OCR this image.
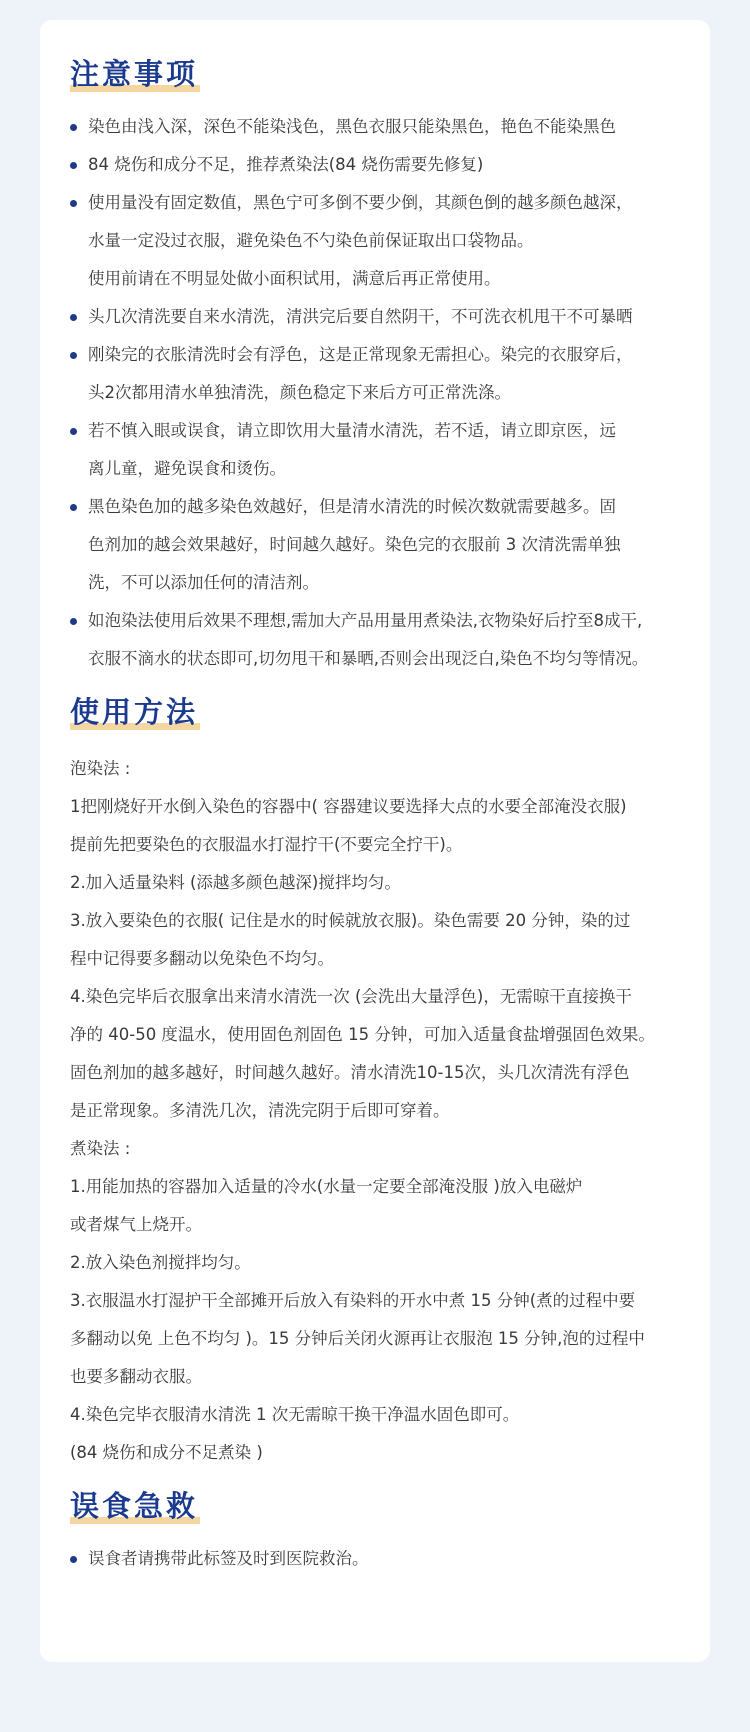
注意事项
染色由浅入深，深色不能染浅色，黑色衣服只能染黑色，艳色不能染黑色
84 烧伤和成分不足，推荐煮染法(84 烧伤需要先修复)
使用量没有固定数值，黑色宁可多倒不要少倒，其颜色倒的越多颜色越深，
水量一定没过衣服，避免染色不勺染色前保证取出口袋物品。
使用前请在不明显处做小面积试用，满意后再正常使用。
头几次清洗要自来水清洗，清洪完后要自然阴干，不可洗衣机甩干不可暴晒
刚染完的衣胀清洗时会有浮色，这是正常现象无需担心。染完的衣服穿后，
头2次都用清水单独清洗，颜色稳定下来后方可正常洗涤。
若不慎入眼或误食，请立即饮用大量清水清洗，若不适，请立即京医，远
离儿童，避免误食和烫伤。
黑色染色加的越多染色效越好，但是清水清洗的时候次数就需要越多。固
色剂加的越会效果越好，时间越久越好。染色完的衣服前 3 次清洗需单独
洗，不可以添加任何的清洁剂。
如泡染法使用后效果不理想,需加大产品用量用煮染法,衣物染好后拧至8成干,
衣服不滴水的状态即可,切勿甩干和暴晒,否则会出现泛白,染色不均匀等情况。
使用方法

泡染法 :

1把刚烧好开水倒入染色的容器中( 容器建议要选择大点的水要全部淹没衣服)

提前先把要染色的衣服温水打湿拧干(不要完全拧干)。

2.加入适量染料 (添越多颜色越深)搅拌均匀。

3.放入要染色的衣服( 记住是水的时候就放衣服)。染色需要 20 分钟，染的过

程中记得要多翻动以免染色不均匀。

4.染色完毕后衣服拿出来清水清洗一次 (会洗出大量浮色)，无需晾干直接换干

净的 40-50 度温水，使用固色剂固色 15 分钟，可加入适量食盐增强固色效果。

固色剂加的越多越好，时间越久越好。清水清洗10-15次，头几次清洗有浮色

是正常现象。多清洗几次，清洗完阴于后即可穿着。

煮染法 :

1.用能加热的容器加入适量的冷水(水量一定要全部淹没服 )放入电磁炉

或者煤气上烧开。

2.放入染色剂搅拌均匀。

3.衣服温水打湿护干全部摊开后放入有染料的开水中煮 15 分钟(煮的过程中要

多翻动以免 上色不均匀 )。15 分钟后关闭火源再让衣服泡 15 分钟,泡的过程中

也要多翻动衣服。

4.染色完毕衣服清水清洗 1 次无需晾干换干净温水固色即可。

(84 烧伤和成分不足煮染 )

误食急救
误食者请携带此标签及时到医院救治。
